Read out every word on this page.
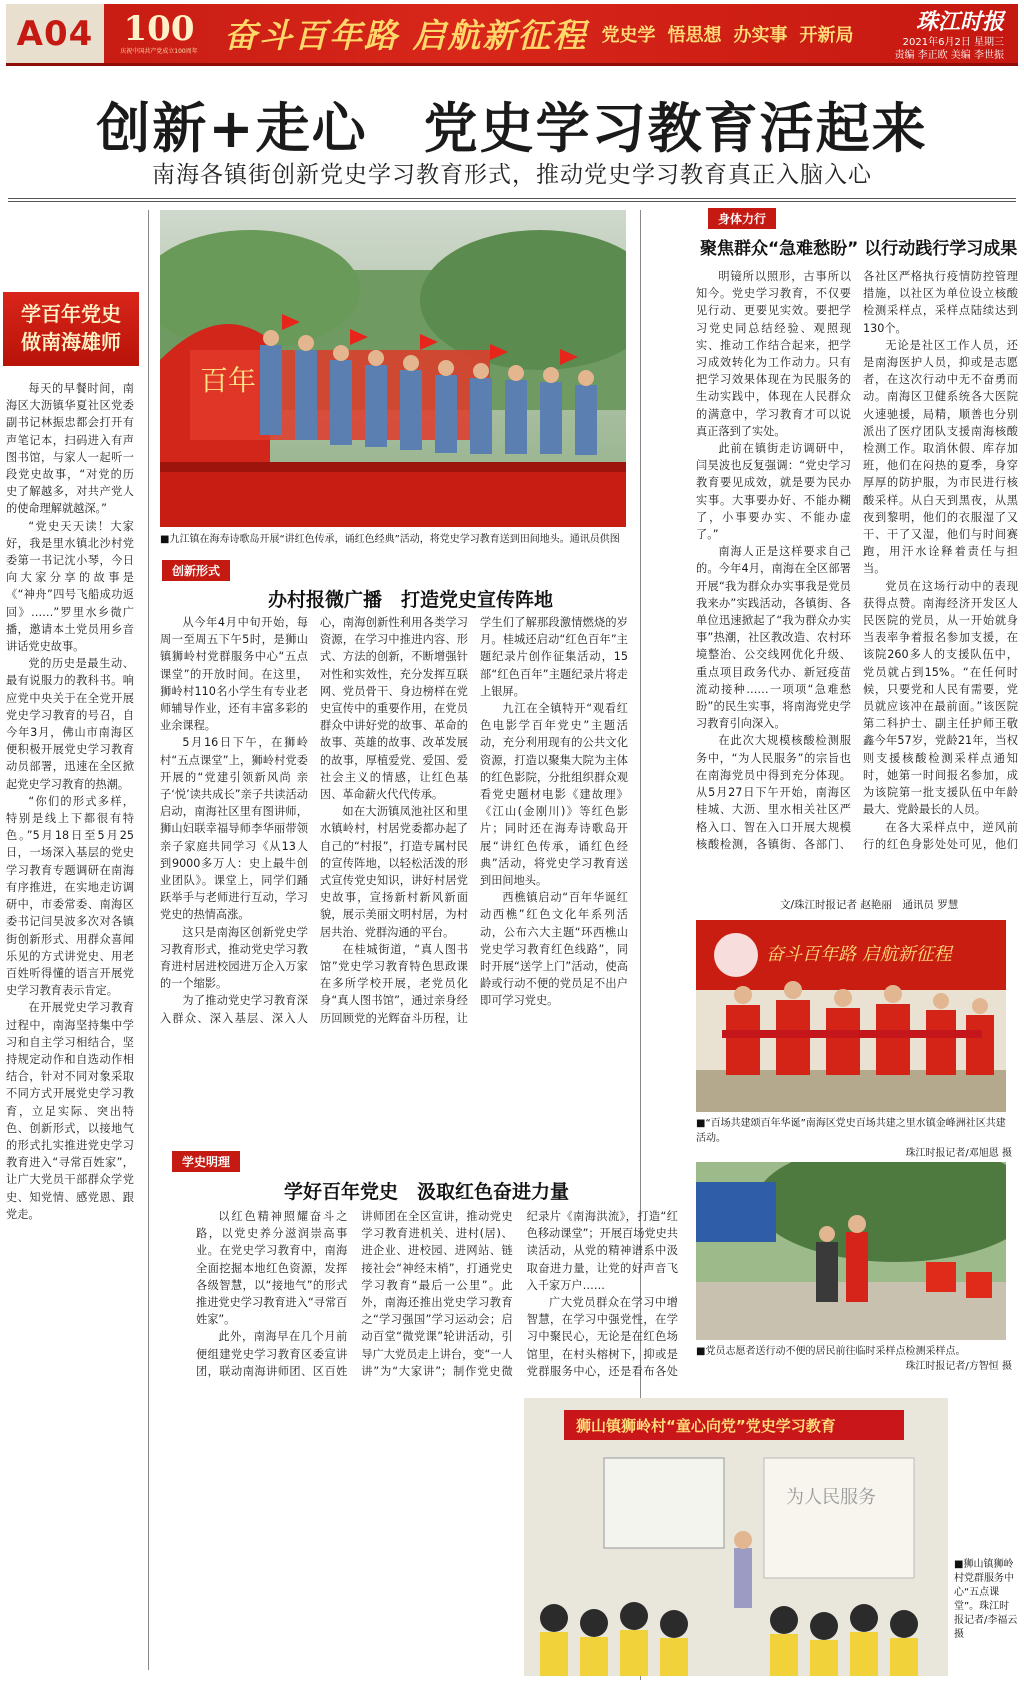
A04 100
庆祝中国共产党成立100周年 奋斗百年路 启航新征程 党史学 悟思想 办实事 开新局	珠江时报
2021年6月2日 星期三
责编 李正欧 美编 李世振
创新+走心　党史学习教育活起来
南海各镇街创新党史学习教育形式，推动党史学习教育真正入脑入心
学百年党史
做南海雄师

每天的早餐时间，南海区大沥镇华夏社区党委副书记林振忠都会打开有声笔记本，扫码进入有声图书馆，与家人一起听一段党史故事，“对党的历史了解越多，对共产党人的使命理解就越深。”

“党史天天读！大家好，我是里水镇北沙村党委第一书记沈小琴，今日向大家分享的故事是《“神舟”四号飞船成功返回》……”罗里水乡微广播，邀请本土党员用乡音讲话党史故事。

党的历史是最生动、最有说服力的教科书。响应党中央关于在全党开展党史学习教育的号召，自今年3月，佛山市南海区便积极开展党史学习教育动员部署，迅速在全区掀起党史学习教育的热潮。

“你们的形式多样，特别是线上下都很有特色。”5月18日至5月25日，一场深入基层的党史学习教育专题调研在南海有序推进，在实地走访调研中，市委常委、南海区委书记闫昊波多次对各镇街创新形式、用群众喜闻乐见的方式讲党史、用老百姓听得懂的语言开展党史学习教育表示肯定。

在开展党史学习教育过程中，南海坚持集中学习和自主学习相结合，坚持规定动作和自选动作相结合，针对不同对象采取不同方式开展党史学习教育，立足实际、突出特色、创新形式，以接地气的形式扎实推进党史学习教育进入“寻常百姓家”，让广大党员干部群众学党史、知党情、感党恩、跟党走。

百年
■九江镇在海寿诗歌岛开展“讲红色传承，诵红色经典”活动，将党史学习教育送到田间地头。通讯员供图
创新形式
办村报微广播　打造党史宣传阵地

从今年4月中旬开始，每周一至周五下午5时，是狮山镇狮岭村党群服务中心“五点课堂”的开放时间。在这里，狮岭村110名小学生有专业老师辅导作业，还有丰富多彩的业余课程。

5月16日下午，在狮岭村“五点课堂”上，狮岭村党委开展的“党建引领新风尚 亲子‘悦’读共成长”亲子共读活动启动，南海社区里有图讲师，狮山妇联幸福导师李华丽带领亲子家庭共同学习《从13人到9000多万人：史上最牛创业团队》。课堂上，同学们踊跃举手与老师进行互动，学习党史的热情高涨。

这只是南海区创新党史学习教育形式，推动党史学习教育进村居进校园进万企入万家的一个缩影。

为了推动党史学习教育深入群众、深入基层、深入人心，南海创新性利用各类学习资源，在学习中推进内容、形式、方法的创新，不断增强针对性和实效性，充分发挥互联网、党员骨干、身边榜样在党史宣传中的重要作用，在党员群众中讲好党的故事、革命的故事、英雄的故事、改革发展的故事，厚植爱党、爱国、爱社会主义的情感，让红色基因、革命薪火代代传承。

如在大沥镇凤池社区和里水镇岭村，村居党委都办起了自己的“村报”，打造专属村民的宣传阵地，以轻松活泼的形式宣传党史知识，讲好村居党史故事，宣扬新村新风新面貌，展示美丽文明村居，为村居共治、党群沟通的平台。

在桂城街道，“真人图书馆”党史学习教育特色思政课在多所学校开展，老党员化身“真人图书馆”，通过亲身经历回顾党的光辉奋斗历程，让学生们了解那段激情燃烧的岁月。桂城还启动“红色百年”主题纪录片创作征集活动，15部“红色百年”主题纪录片将走上银屏。

九江在全镇特开“观看红色电影学百年党史”主题活动，充分利用现有的公共文化资源，打造以聚集大院为主体的红色影院，分批组织群众观看党史题材电影《建故理》《江山(金刚川)》等红色影片；同时还在海寿诗歌岛开展“讲红色传承，诵红色经典”活动，将党史学习教育送到田间地头。

西樵镇启动“百年华诞红动西樵”红色文化年系列活动，公布六大主题“环西樵山党史学习教育红色线路”，同时开展“送学上门”活动，使高龄或行动不便的党员足不出户即可学习党史。

身体力行
聚焦群众“急难愁盼” 以行动践行学习成果

明镜所以照形，古事所以知今。党史学习教育，不仅要见行动、更要见实效。要把学习党史同总结经验、观照现实、推动工作结合起来，把学习成效转化为工作动力。只有把学习效果体现在为民服务的生动实践中，体现在人民群众的满意中，学习教育才可以说真正落到了实处。

此前在镇街走访调研中，闫昊波也反复强调：“党史学习教育要见成效，就是要为民办实事。大事要办好、不能办糊了，小事要办实、不能办虚了。”

南海人正是这样要求自己的。今年4月，南海在全区部署开展“我为群众办实事我是党员我来办”实践活动，各镇街、各单位迅速掀起了“我为群众办实事”热潮，社区教改造、农村环境整治、公交线网优化升级、重点项目政务代办、新冠疫苗流动接种……一项项“急难愁盼”的民生实事，将南海党史学习教育引向深入。

在此次大规模核酸检测服务中，“为人民服务”的宗旨也在南海党员中得到充分体现。从5月27日下午开始，南海区桂城、大沥、里水相关社区严格入口、智在入口开展大规模核酸检测，各镇街、各部门、各社区严格执行疫情防控管理措施，以社区为单位设立核酸检测采样点，采样点陆续达到130个。

无论是社区工作人员，还是南海医护人员，抑或是志愿者，在这次行动中无不奋勇而动。南海区卫健系统各大医院火速驰援，局精，顺善也分别派出了医疗团队支援南海核酸检测工作。取消休假、库存加班，他们在闷热的夏季，身穿厚厚的防护服，为市民进行核酸采样。从白天到黑夜，从黑夜到黎明，他们的衣服湿了又干、干了又湿，他们与时间赛跑，用汗水诠释着责任与担当。

党员在这场行动中的表现获得点赞。南海经济开发区人民医院的党员，从一开始就身当表率争着报名参加支援，在该院260多人的支援队伍中，党员就占到15%。“在任何时候，只要党和人民有需要，党员就应该冲在最前面。”该医院第二科护士、副主任护师王敬鑫今年57岁，党龄21年，当权则支援核酸检测采样点通知时，她第一时间报名参加，成为该院第一批支援队伍中年龄最大、党龄最长的人员。

在各大采样点中，逆风前行的红色身影处处可见，他们

文/珠江时报记者 赵艳丽　通讯员 罗慧
奋斗百年路 启航新征程
■“百场共建颂百年华诞”南海区党史百场共建之里水镇金峰洲社区共建活动。
珠江时报记者/邓旭恩 摄
■党员志愿者送行动不便的居民前往临时采样点检测采样点。
珠江时报记者/方智恒 摄
学史明理
学好百年党史　汲取红色奋进力量

以红色精神照耀奋斗之路，以党史养分滋润崇高事业。在党史学习教育中，南海全面挖掘本地红色资源，发挥各级智慧，以“接地气”的形式推进党史学习教育进入“寻常百姓家”。

此外，南海早在几个月前便组建党史学习教育区委宣讲团，联动南海讲师团、区百姓讲师团在全区宣讲，推动党史学习教育进机关、进村(居)、进企业、进校园、进网站、链接社会“神经末梢”，打通党史学习教育“最后一公里”。此外，南海还推出党史学习教育之“学习强国”学习运动会；启动百堂“微党课”轮讲活动，引导广大党员走上讲台，变“一人讲”为“大家讲”；制作党史微纪录片《南海洪流》，打造“红色移动课堂”；开展百场党史共读活动，从党的精神谱系中汲取奋进力量，让党的好声音飞入千家万户……

广大党员群众在学习中增智慧，在学习中强党性，在学习中聚民心，无论是在红色场馆里，在村头榕树下，抑或是党群服务中心，还是看布各处

狮山镇狮岭村“童心向党”党史学习教育
为人民服务
■狮山镇狮岭村党群服务中心“五点课堂”。珠江时报记者/李福云 摄
